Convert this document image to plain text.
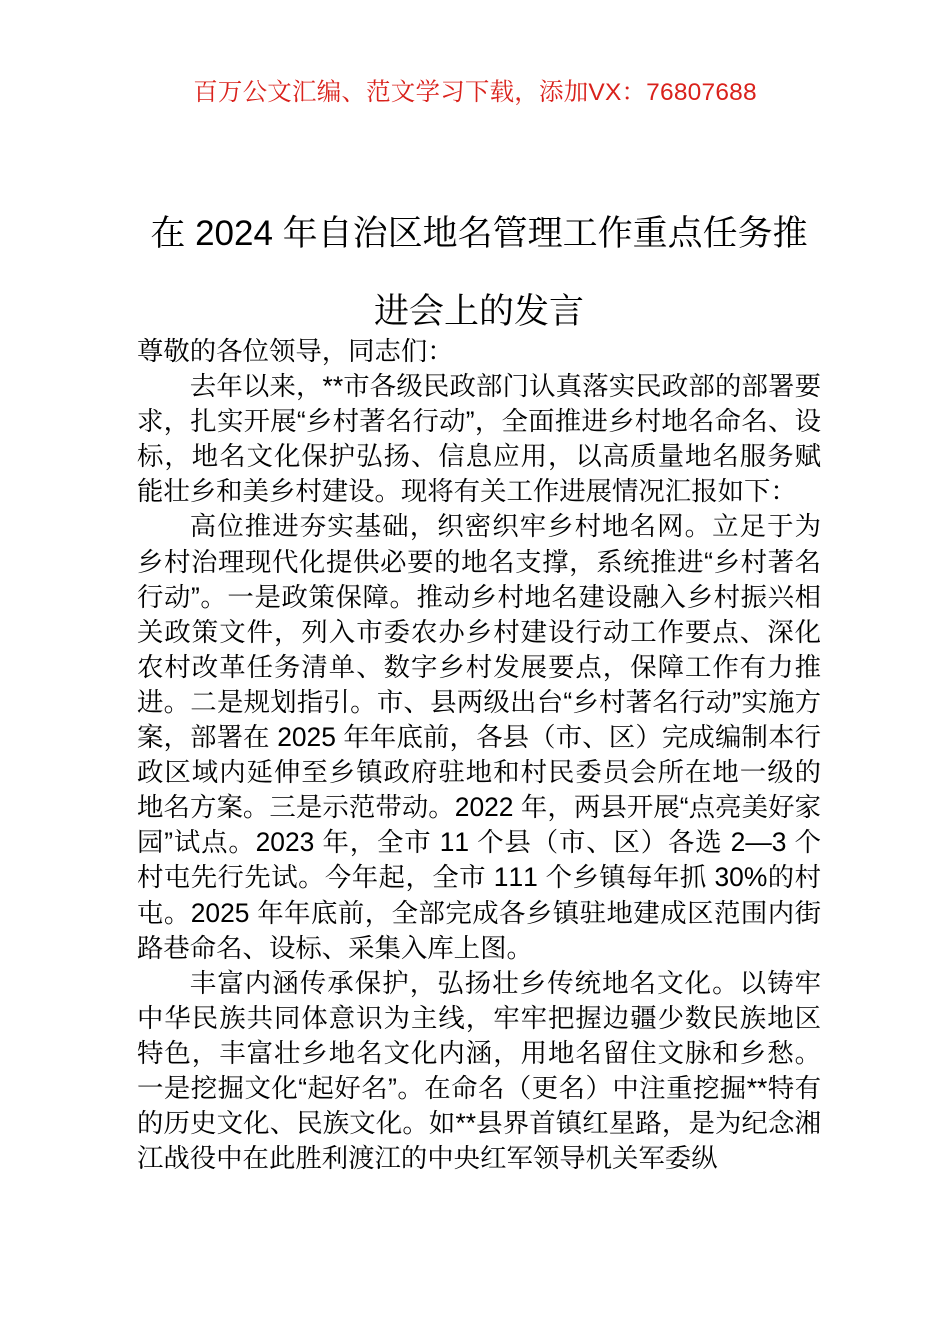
百万公文汇编、范文学习下载，添加VX：76807688
在 2024 年自治区地名管理工作重点任务推
进会上的发言

尊敬的各位领导，同志们：

去年以来，**市各级民政部门认真落实民政部的部署要求，扎实开展“乡村著名行动”，全面推进乡村地名命名、设标，地名文化保护弘扬、信息应用，以高质量地名服务赋能壮乡和美乡村建设。现将有关工作进展情况汇报如下：

高位推进夯实基础，织密织牢乡村地名网。立足于为乡村治理现代化提供必要的地名支撑，系统推进“乡村著名行动”。一是政策保障。推动乡村地名建设融入乡村振兴相关政策文件，列入市委农办乡村建设行动工作要点、深化农村改革任务清单、数字乡村发展要点，保障工作有力推进。二是规划指引。市、县两级出台“乡村著名行动”实施方案，部署在 2025 年年底前，各县（市、区）完成编制本行政区域内延伸至乡镇政府驻地和村民委员会所在地一级的地名方案。三是示范带动。2022 年，两县开展“点亮美好家园”试点。2023 年，全市 11 个县（市、区）各选 2—3 个村屯先行先试。今年起，全市 111 个乡镇每年抓 30%的村屯。2025 年年底前，全部完成各乡镇驻地建成区范围内街路巷命名、设标、采集入库上图。

丰富内涵传承保护，弘扬壮乡传统地名文化。以铸牢中华民族共同体意识为主线，牢牢把握边疆少数民族地区特色，丰富壮乡地名文化内涵，用地名留住文脉和乡愁。一是挖掘文化“起好名”。在命名（更名）中注重挖掘**特有的历史文化、民族文化。如**县界首镇红星路，是为纪念湘江战役中在此胜利渡江的中央红军领导机关军委纵
